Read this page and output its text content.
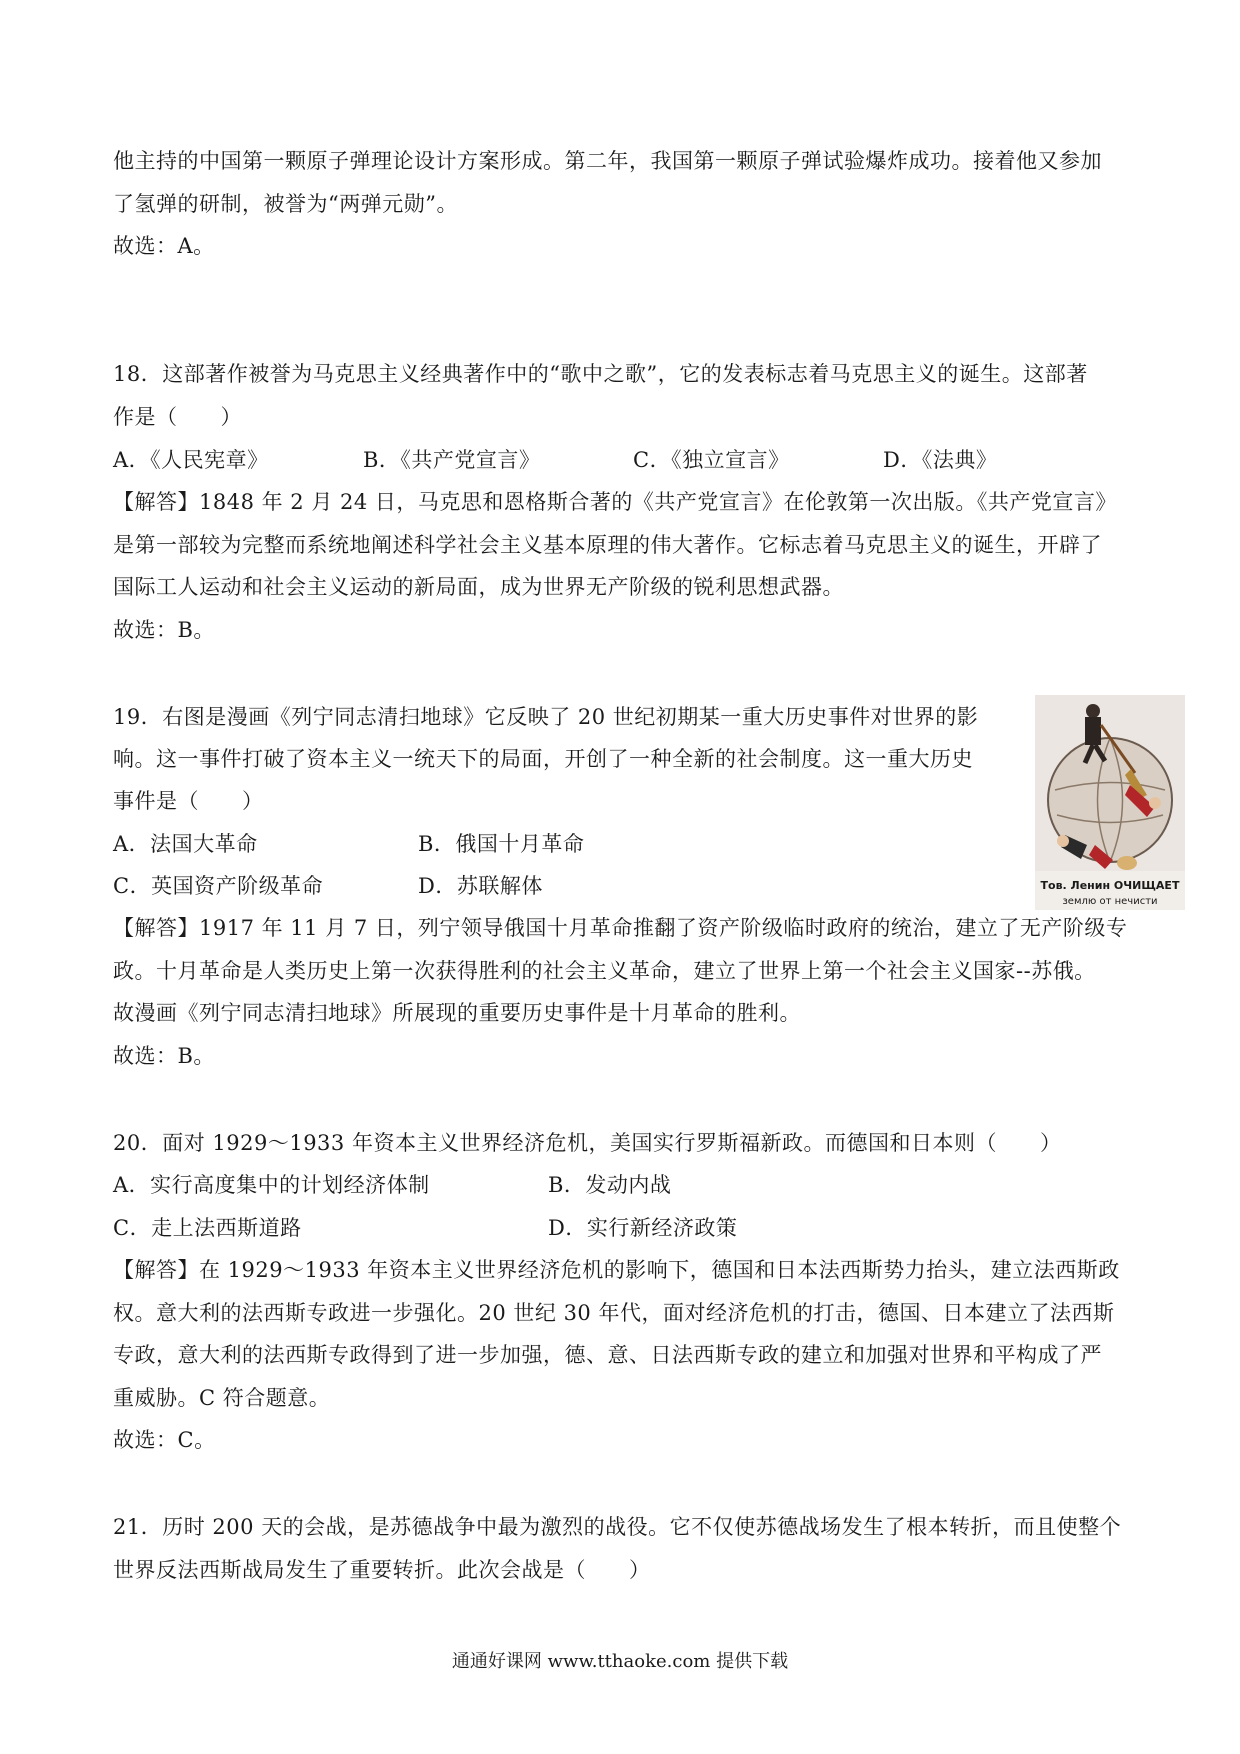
他主持的中国第一颗原子弹理论设计方案形成。第二年，我国第一颗原子弹试验爆炸成功。接着他又参加
了氢弹的研制，被誉为“两弹元勋”。
故选：A。
18．这部著作被誉为马克思主义经典著作中的“歌中之歌”，它的发表标志着马克思主义的诞生。这部著
作是（　　）
A．《人民宪章》	B．《共产党宣言》	C．《独立宣言》	D．《法典》
【解答】1848 年 2 月 24 日，马克思和恩格斯合著的《共产党宣言》在伦敦第一次出版。《共产党宣言》
是第一部较为完整而系统地阐述科学社会主义基本原理的伟大著作。它标志着马克思主义的诞生，开辟了
国际工人运动和社会主义运动的新局面，成为世界无产阶级的锐利思想武器。
故选：B。
19．右图是漫画《列宁同志清扫地球》它反映了 20 世纪初期某一重大历史事件对世界的影
响。这一事件打破了资本主义一统天下的局面，开创了一种全新的社会制度。这一重大历史
事件是（　　）
A．法国大革命	B．俄国十月革命
C．英国资产阶级革命	D．苏联解体	Тов. Ленин ОЧИЩАЕТ
землю от нечисти
【解答】1917 年 11 月 7 日，列宁领导俄国十月革命推翻了资产阶级临时政府的统治，建立了无产阶级专
政。十月革命是人类历史上第一次获得胜利的社会主义革命，建立了世界上第一个社会主义国家--苏俄。
故漫画《列宁同志清扫地球》所展现的重要历史事件是十月革命的胜利。
故选：B。
20．面对 1929～1933 年资本主义世界经济危机，美国实行罗斯福新政。而德国和日本则（　　）
A．实行高度集中的计划经济体制	B．发动内战
C．走上法西斯道路	D．实行新经济政策
【解答】在 1929～1933 年资本主义世界经济危机的影响下，德国和日本法西斯势力抬头，建立法西斯政
权。意大利的法西斯专政进一步强化。20 世纪 30 年代，面对经济危机的打击，德国、日本建立了法西斯
专政，意大利的法西斯专政得到了进一步加强，德、意、日法西斯专政的建立和加强对世界和平构成了严
重威胁。C 符合题意。
故选：C。
21．历时 200 天的会战，是苏德战争中最为激烈的战役。它不仅使苏德战场发生了根本转折，而且使整个
世界反法西斯战局发生了重要转折。此次会战是（　　）
通通好课网 www.tthaoke.com 提供下载
